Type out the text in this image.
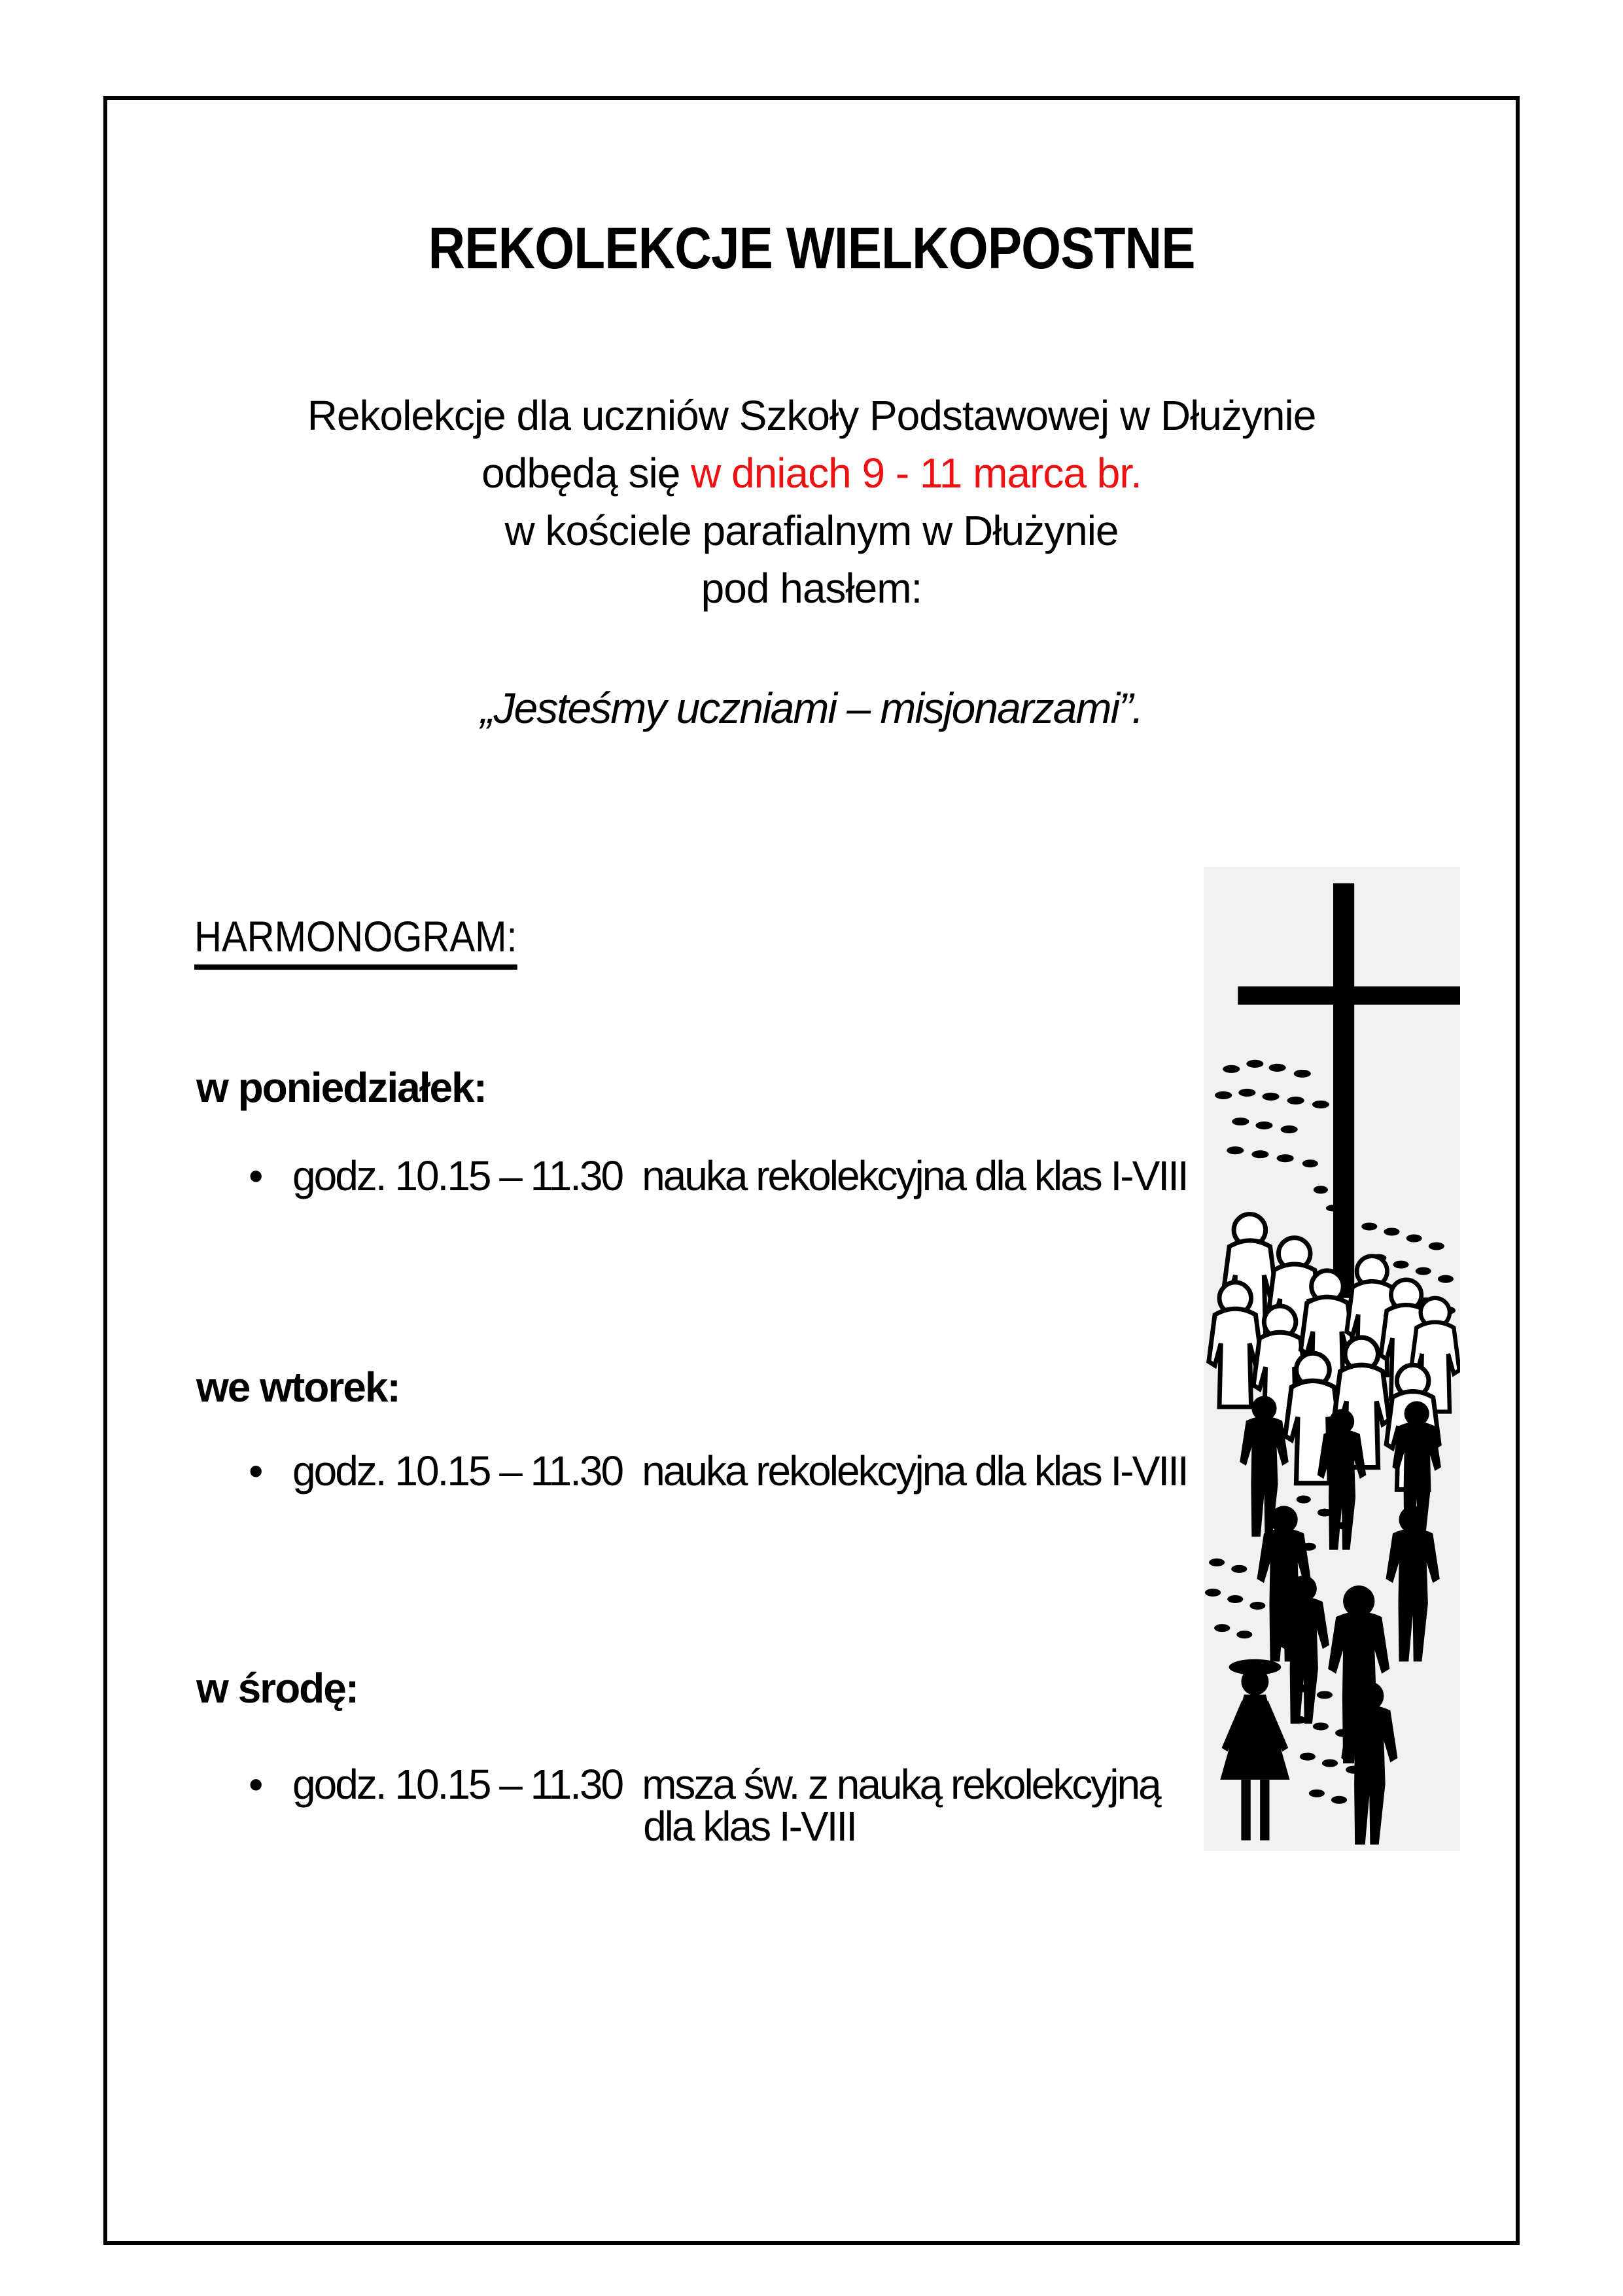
REKOLEKCJE WIELKOPOSTNE
Rekolekcje dla uczniów Szkoły Podstawowej w Dłużynie
odbędą się w dniach 9 - 11 marca br.
w kościele parafialnym w Dłużynie
pod hasłem:
„Jesteśmy uczniami – misjonarzami”.
HARMONOGRAM:
w poniedziałek:
• godz. 10.15 – 11.30 nauka rekolekcyjna dla klas I-VIII
we wtorek:
• godz. 10.15 – 11.30 nauka rekolekcyjna dla klas I-VIII
w środę:
• godz. 10.15 – 11.30 msza św. z nauką rekolekcyjną
dla klas I-VIII
